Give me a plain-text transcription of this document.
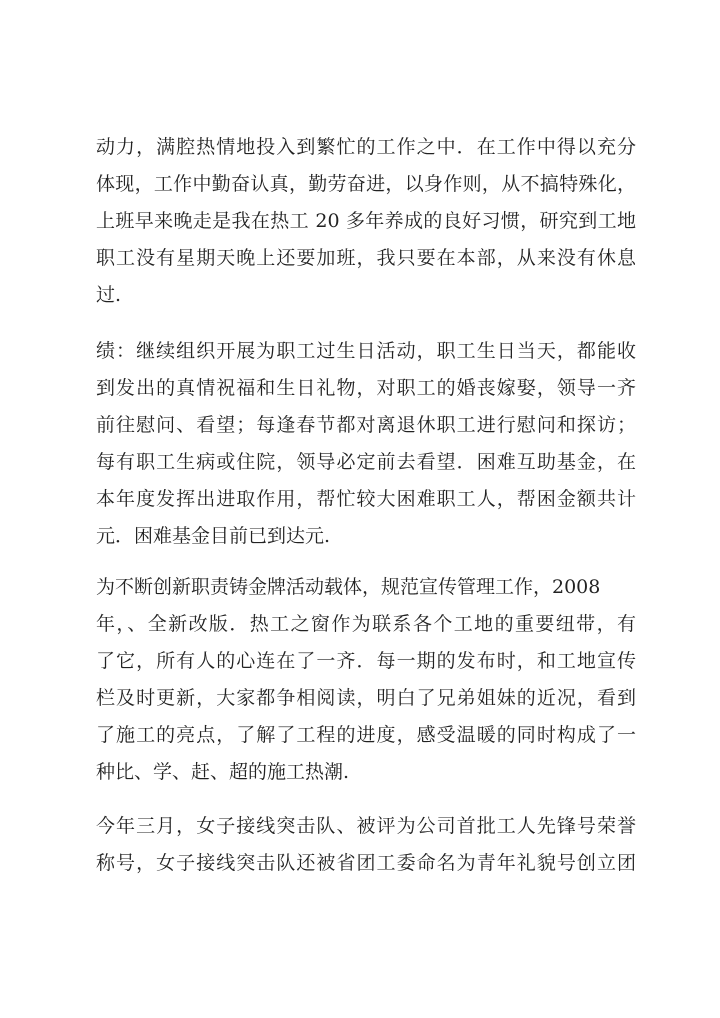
动力，满腔热情地投入到繁忙的工作之中．在工作中得以充分
体现，工作中勤奋认真，勤劳奋进，以身作则，从不搞特殊化，
上班早来晚走是我在热工 20 多年养成的良好习惯，研究到工地
职工没有星期天晚上还要加班，我只要在本部，从来没有休息
过.
绩：继续组织开展为职工过生日活动，职工生日当天，都能收
到发出的真情祝福和生日礼物，对职工的婚丧嫁娶，领导一齐
前往慰问、看望；每逢春节都对离退休职工进行慰问和探访；
每有职工生病或住院，领导必定前去看望．困难互助基金，在
本年度发挥出进取作用，帮忙较大困难职工人，帮困金额共计
元．困难基金目前已到达元.
为不断创新职责铸金牌活动载体，规范宣传管理工作，2008
年，、全新改版．热工之窗作为联系各个工地的重要纽带，有
了它，所有人的心连在了一齐．每一期的发布时，和工地宣传
栏及时更新，大家都争相阅读，明白了兄弟姐妹的近况，看到
了施工的亮点，了解了工程的进度，感受温暖的同时构成了一
种比、学、赶、超的施工热潮.
今年三月，女子接线突击队、被评为公司首批工人先锋号荣誉
称号，女子接线突击队还被省团工委命名为青年礼貌号创立团
